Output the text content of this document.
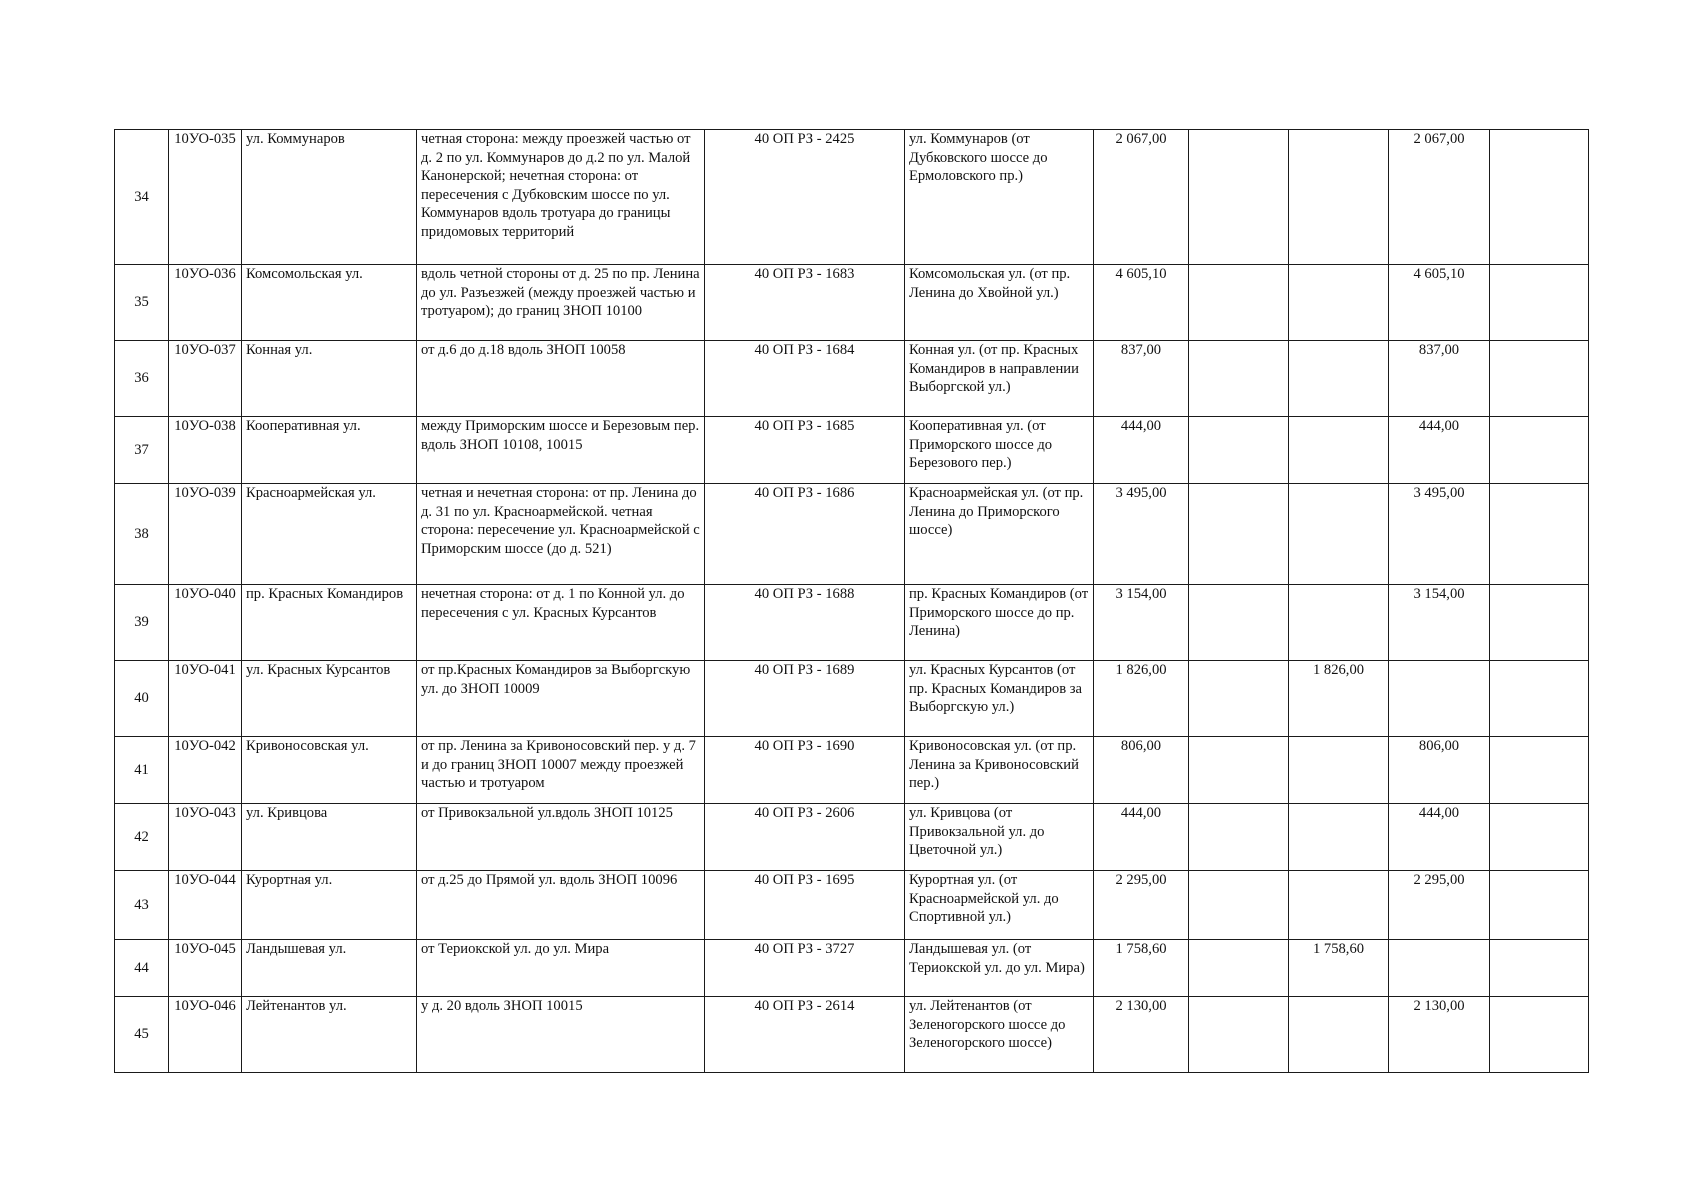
34	10УО-035	ул. Коммунаров	четная сторона: между проезжей частью от д. 2 по ул. Коммунаров до д.2 по ул. Малой Канонерской; нечетная сторона: от пересечения с Дубковским шоссе по ул. Коммунаров вдоль тротуара до границы придомовых территорий	40 ОП РЗ - 2425	ул. Коммунаров (от Дубковского шоссе до Ермоловского пр.)	2 067,00			2 067,00	
35	10УО-036	Комсомольская ул.	вдоль четной стороны от д. 25 по пр. Ленина до ул. Разъезжей (между проезжей частью и тротуаром); до границ ЗНОП 10100	40 ОП РЗ - 1683	Комсомольская ул. (от пр. Ленина до Хвойной ул.)	4 605,10			4 605,10	
36	10УО-037	Конная ул.	от д.6 до д.18 вдоль ЗНОП 10058	40 ОП РЗ - 1684	Конная ул. (от пр. Красных Командиров в направлении Выборгской ул.)	837,00			837,00	
37	10УО-038	Кооперативная ул.	между Приморским шоссе и Березовым пер. вдоль ЗНОП 10108, 10015	40 ОП РЗ - 1685	Кооперативная ул. (от Приморского шоссе до Березового пер.)	444,00			444,00	
38	10УО-039	Красноармейская ул.	четная и нечетная сторона: от пр. Ленина до д. 31 по ул. Красноармейской. четная сторона: пересечение ул. Красноармейской с Приморским шоссе (до д. 521)	40 ОП РЗ - 1686	Красноармейская ул. (от пр. Ленина до Приморского шоссе)	3 495,00			3 495,00	
39	10УО-040	пр. Красных Командиров	нечетная сторона: от д. 1 по Конной ул. до пересечения с ул. Красных Курсантов	40 ОП РЗ - 1688	пр. Красных Командиров (от Приморского шоссе до пр. Ленина)	3 154,00			3 154,00	
40	10УО-041	ул. Красных Курсантов	от пр.Красных Командиров за Выборгскую ул. до ЗНОП 10009	40 ОП РЗ - 1689	ул. Красных Курсантов (от пр. Красных Командиров за Выборгскую ул.)	1 826,00		1 826,00		
41	10УО-042	Кривоносовская ул.	от пр. Ленина за Кривоносовский пер. у д. 7 и до границ ЗНОП 10007 между проезжей частью и тротуаром	40 ОП РЗ - 1690	Кривоносовская ул. (от пр. Ленина за Кривоносовский пер.)	806,00			806,00	
42	10УО-043	ул. Кривцова	от Привокзальной ул.вдоль ЗНОП 10125	40 ОП РЗ - 2606	ул. Кривцова (от Привокзальной ул. до Цветочной ул.)	444,00			444,00	
43	10УО-044	Курортная ул.	от д.25 до Прямой ул. вдоль ЗНОП 10096	40 ОП РЗ - 1695	Курортная ул. (от Красноармейской ул. до Спортивной ул.)	2 295,00			2 295,00	
44	10УО-045	Ландышевая ул.	от Териокской ул. до ул. Мира	40 ОП РЗ - 3727	Ландышевая ул. (от Териокской ул. до ул. Мира)	1 758,60		1 758,60		
45	10УО-046	Лейтенантов ул.	у д. 20 вдоль ЗНОП 10015	40 ОП РЗ - 2614	ул. Лейтенантов (от Зеленогорского шоссе до Зеленогорского шоссе)	2 130,00			2 130,00	
